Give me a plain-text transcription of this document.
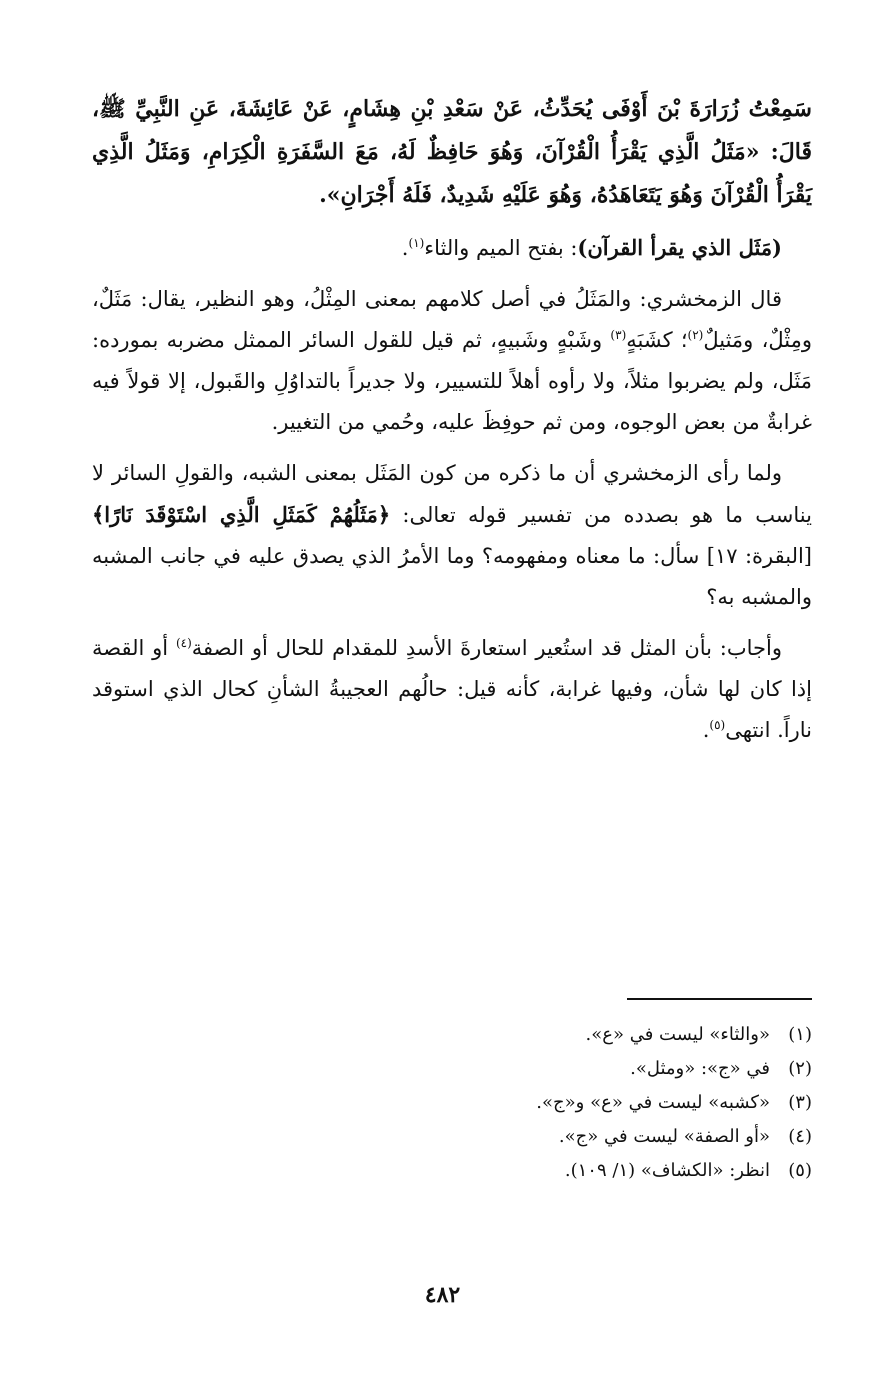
سَمِعْتُ زُرَارَةَ بْنَ أَوْفَى يُحَدِّثُ، عَنْ سَعْدِ بْنِ هِشَامٍ، عَنْ عَائِشَةَ، عَنِ النَّبِيِّ ﷺ، قَالَ: «مَثَلُ الَّذِي يَقْرَأُ الْقُرْآنَ، وَهُوَ حَافِظٌ لَهُ، مَعَ السَّفَرَةِ الْكِرَامِ، وَمَثَلُ الَّذِي يَقْرَأُ الْقُرْآنَ وَهُوَ يَتَعَاهَدُهُ، وَهُوَ عَلَيْهِ شَدِيدٌ، فَلَهُ أَجْرَانِ».

(مَثَل الذي يقرأ القرآن): بفتح الميم والثاء$^{(١)}$.

قال الزمخشري: والمَثَلُ في أصل كلامهم بمعنى المِثْلُ، وهو النظير، يقال: مَثَلٌ، ومِثْلٌ، ومَثيلٌ$^{(٢)}$؛ كشَبَهٍ$^{(٣)}$ وشَبْهٍ وشَبيهٍ، ثم قيل للقول السائر الممثل مضربه بمورده: مَثَل، ولم يضربوا مثلاً، ولا رأوه أهلاً للتسيير، ولا جديراً بالتداوُلِ والقَبول، إلا قولاً فيه غرابةٌ من بعض الوجوه، ومن ثم حوفِظَ عليه، وحُمي من التغيير.

ولما رأى الزمخشري أن ما ذكره من كون المَثَل بمعنى الشبه، والقولِ السائر لا يناسب ما هو بصدده من تفسير قوله تعالى: ﴿مَثَلُهُمْ كَمَثَلِ الَّذِي اسْتَوْقَدَ نَارًا﴾[البقرة: ١٧] سأل: ما معناه ومفهومه؟ وما الأمرُ الذي يصدق عليه في جانب المشبه والمشبه به؟

وأجاب: بأن المثل قد استُعير استعارةَ الأسدِ للمقدام للحال أو الصفة$^{(٤)}$ أو القصة إذا كان لها شأن، وفيها غرابة، كأنه قيل: حالُهم العجيبةُ الشأنِ كحال الذي استوقد ناراً. انتهى$^{(٥)}$.

(١)«والثاء» ليست في «ع».
(٢)في «ج»: «ومثل».
(٣)«كشبه» ليست في «ع» و«ج».
(٤)«أو الصفة» ليست في «ج».
(٥)انظر: «الكشاف» (١/ ١٠٩).
٤٨٢
